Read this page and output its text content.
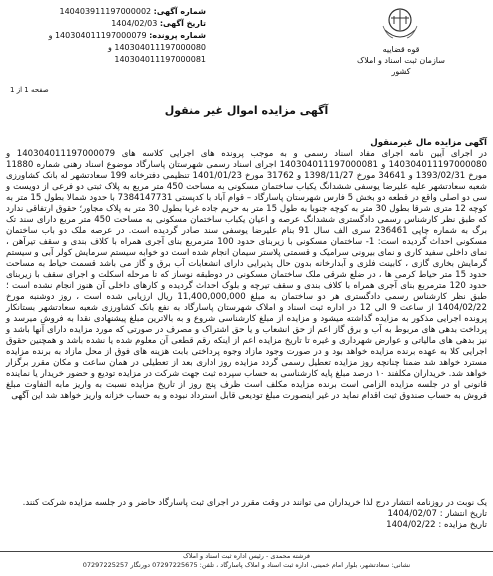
قوه قضاییه
سازمان ثبت اسناد و املاک کشور
شماره آگهی: 140403911197000002
تاریخ آگهی: 1404/02/03
شماره پرونده: 140304011197000079 و
140304011197000080 و
140304011197000081
صفحه 1 از 1
آگهی مزایده اموال غیر منقول

آگهی مزایده مال غیرمنقول

در اجرای آیین نامه اجرای مفاد اسناد رسمی و به موجب پرونده های اجرایی کلاسه های 140304011197000079 و 140304011197000080 و 140304011197000081 اجرای اسناد رسمی شهرستان پاسارگاد موضوع اسناد رهنی شماره 11880 مورخ 1393/02/31 و 34641 مورخ 1398/11/27 و 31762 مورخ 1401/01/23 تنظیمی دفترخانه 199 سعادتشهر له بانک کشاورزی شعبه سعادتشهر علیه علیرضا یوسفی ششدانگ یکباب ساختمان مسکونی به مساحت 450 متر مربع به پلاک ثبتی دو فرعی از دویست و سی دو اصلی واقع در قطعه دو بخش 5 فارس شهرستان پاسارگاد – قوام آباد با کدپستی 7384147731 با حدود شمالا بطول 15 متر به کوچه 12 متری شرقا بطول 30 متر به کوچه جنوبا به طول 15 متر به حریم جاده غربا بطول 30 متر به پلاک مجاور؛ حقوق ارتفاقی ندارد که طبق نظر کارشناس رسمی دادگستری ششدانگ عرصه و اعیان یکباب ساختمان مسکونی به مساحت 450 متر مربع دارای سند تک برگ به شماره چاپی 236461 سری الف سال 91 بنام علیرضا یوسفی سند صادر گردیده است. در عرصه ملک دو باب ساختمان مسکونی احداث گردیده است: 1- ساختمان مسکونی با زیربنای حدود 100 مترمربع بنای آجری همراه با کلاف بندی و سقف تیرآهن ، نمای داخلی سفید کاری و نمای بیرونی سرامیک و قسمتی پلاستر سیمان انجام شده است دو خوابه سیستم سرمایش کولر آبی و سیستم گرمایش بخاری گازی ، کابینت فلزی و آبدارخانه بدون حال پذیرایی دارای انشعابات آب برق و گاز می باشد قسمت حیاط به مساحت حدود 15 متر حیاط کرمی ها ، در ضلع شرقی ملک ساختمان مسکونی در دوطبقه نوساز که تا مرحله اسکلت و اجرای سقف با زیربنای حدود 120 مترمربع بنای آجری همراه با کلاف بندی و سقف تیرچه و بلوک احداث گردیده و کارهای داخلی آن هنوز انجام نشده است ؛ طبق نظر کارشناس رسمی دادگستری هر دو ساختمان به مبلغ 11,400,000,000 ریال ارزیابی شده است ، روز دوشنبه مورخ 1404/02/22 از ساعت 9 الی 12 در اداره ثبت اسناد و املاک شهرستان پاسارگاد به نفع بانک کشاورزی شعبه سعادتشهر بستانکار پرونده اجرایی مذکور به مزایده گذاشته میشود و مزایده از مبلغ کارشناسی شروع و به بالاترین مبلغ پیشنهادی نقدا به فروش میرسد و پرداخت بدهی های مربوط به آب و برق گاز اعم از حق انشعاب و یا حق اشتراک و مصرف در صورتی که مورد مزایده دارای آنها باشد و نیز بدهی های مالیاتی و عوارض شهرداری و غیره تا تاریخ مزایده اعم از اینکه رقم قطعی آن معلوم شده یا نشده باشد و همچنین حقوق اجرایی کلا به عهده برنده مزایده خواهد بود و در صورت وجود مازاد وجوه پرداختی بابت هزینه های فوق از محل مازاد به برنده مزایده مسترد خواهد شد ضمنا چنانچه روز مزایده تعطیل رسمی گردد مزایده روز اداری بعد از تعطیلی در همان ساعت و مکان مقرر برگزار خواهد شد. خریداران مکلفند ۱۰ درصد مبلغ پایه کارشناسی به حساب سپرده ثبت جهت شرکت در مزایده تودیع و حضور خریدار یا نماینده قانونی او در جلسه مزایده الزامی است برنده مزایده مکلف است ظرف پنج روز از تاریخ مزایده نسبت به واریز مابه التفاوت مبلغ فروش به حساب صندوق ثبت اقدام نماید در غیر اینصورت مبلغ تودیعی قابل استرداد نبوده و به حساب خزانه واریز خواهد شد این آگهی

یک نوبت در روزنامه انتشار درج لذا خریداران می توانند در وقت مقرر در اجرای ثبت پاسارگاد حاضر و در جلسه مزایده شرکت کنند.

تاریخ انتشار : 1404/02/07

تاریخ مزایده : 1404/02/22

فرشته محمدی - رئیس اداره ثبت اسناد و املاک
نشانی: سعادتشهر، بلوار امام خمینی، اداره ثبت اسناد و املاک پاسارگاد ، تلفن: 07297225675 دورنگار 07297225257
